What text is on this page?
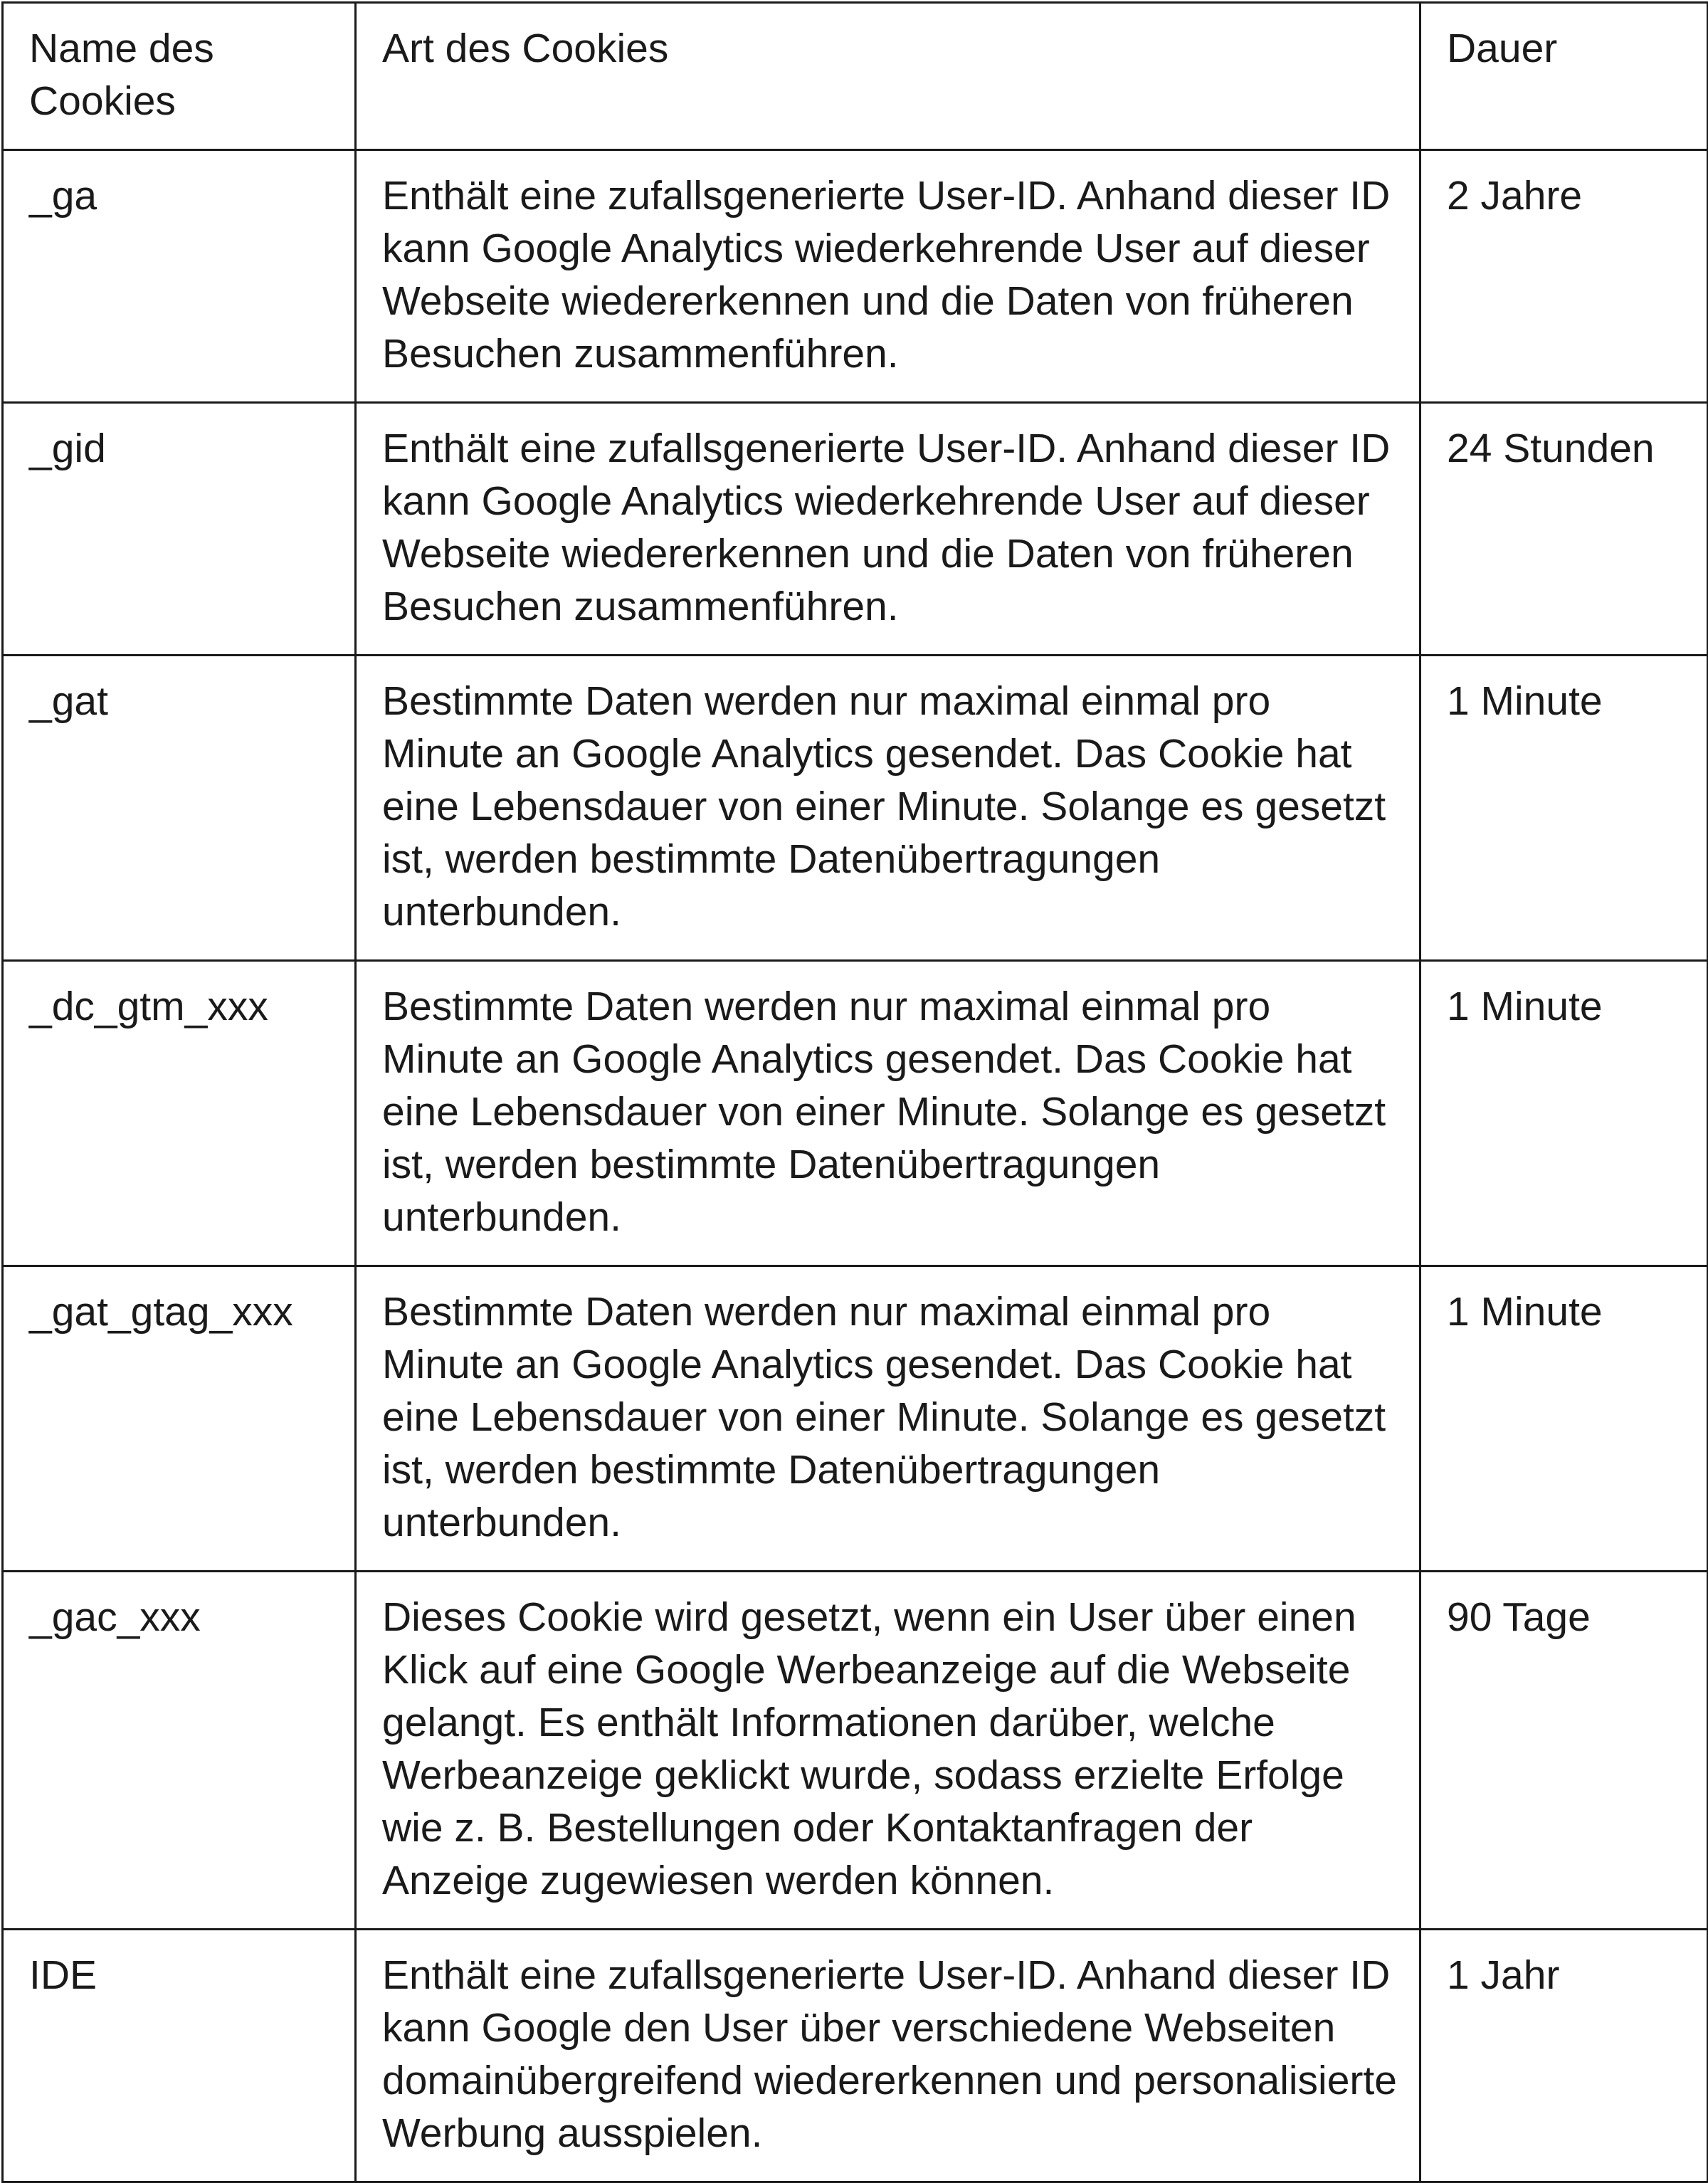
Name des Cookies	Art des Cookies	Dauer
_ga	Enthält eine zufallsgenerierte User-ID. Anhand dieser ID kann Google Analytics wiederkehrende User auf dieser Webseite wiedererkennen und die Daten von früheren Besuchen zusammenführen.	2 Jahre
_gid	Enthält eine zufallsgenerierte User-ID. Anhand dieser ID kann Google Analytics wiederkehrende User auf dieser Webseite wiedererkennen und die Daten von früheren Besuchen zusammenführen.	24 Stunden
_gat	Bestimmte Daten werden nur maximal einmal pro Minute an Google Analytics gesendet. Das Cookie hat eine Lebensdauer von einer Minute. Solange es gesetzt ist, werden bestimmte Datenübertragungen unterbunden.	1 Minute
_dc_gtm_xxx	Bestimmte Daten werden nur maximal einmal pro Minute an Google Analytics gesendet. Das Cookie hat eine Lebensdauer von einer Minute. Solange es gesetzt ist, werden bestimmte Datenübertragungen unterbunden.	1 Minute
_gat_gtag_xxx	Bestimmte Daten werden nur maximal einmal pro Minute an Google Analytics gesendet. Das Cookie hat eine Lebensdauer von einer Minute. Solange es gesetzt ist, werden bestimmte Datenübertragungen unterbunden.	1 Minute
_gac_xxx	Dieses Cookie wird gesetzt, wenn ein User über einen Klick auf eine Google Werbeanzeige auf die Webseite gelangt. Es enthält Informationen darüber, welche Werbeanzeige geklickt wurde, sodass erzielte Erfolge wie z. B. Bestellungen oder Kontaktanfragen der Anzeige zugewiesen werden können.	90 Tage
IDE	Enthält eine zufallsgenerierte User-ID. Anhand dieser ID kann Google den User über verschiedene Webseiten domainübergreifend wiedererkennen und personalisierte Werbung ausspielen.	1 Jahr
